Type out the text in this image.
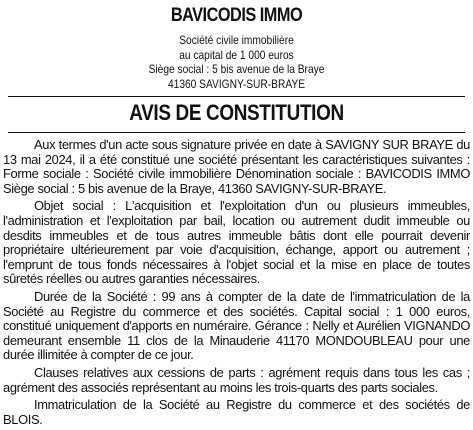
BAVICODIS IMMO
Société civile immobilière
au capital de 1 000 euros
Siège social : 5 bis avenue de la Braye
41360 SAVIGNY-SUR-BRAYE
AVIS DE CONSTITUTION

Aux termes d'un acte sous signature privée en date à SAVIGNY SUR BRAYE du 13 mai 2024, il a été constitué une société présentant les caractéristiques suivantes : Forme sociale : Société civile immobilière Dénomination sociale : BAVICODIS IMMO Siège social : 5 bis avenue de la Braye, 41360 SAVIGNY-SUR-BRAYE.

Objet social : L'acquisition et l'exploitation d'un ou plusieurs immeubles, l'administration et l'exploitation par bail, location ou autrement dudit immeuble ou desdits immeubles et de tous autres immeuble bâtis dont elle pourrait devenir propriétaire ultérieurement par voie d'acquisition, échange, apport ou autrement ; l'emprunt de tous fonds nécessaires à l'objet social et la mise en place de toutes sûretés réelles ou autres garanties nécessaires.

Durée de la Société : 99 ans à compter de la date de l'immatriculation de la Société au Registre du commerce et des sociétés. Capital social : 1 000 euros, constitué uniquement d'apports en numéraire. Gérance : Nelly et Aurélien VIGNANDO demeurant ensemble 11 clos de la Minauderie 41170 MONDOUBLEAU pour une durée illimitée à compter de ce jour.

Clauses relatives aux cessions de parts : agrément requis dans tous les cas ; agrément des associés représentant au moins les trois-quarts des parts sociales.

Immatriculation de la Société au Registre du commerce et des sociétés de BLOIS.
